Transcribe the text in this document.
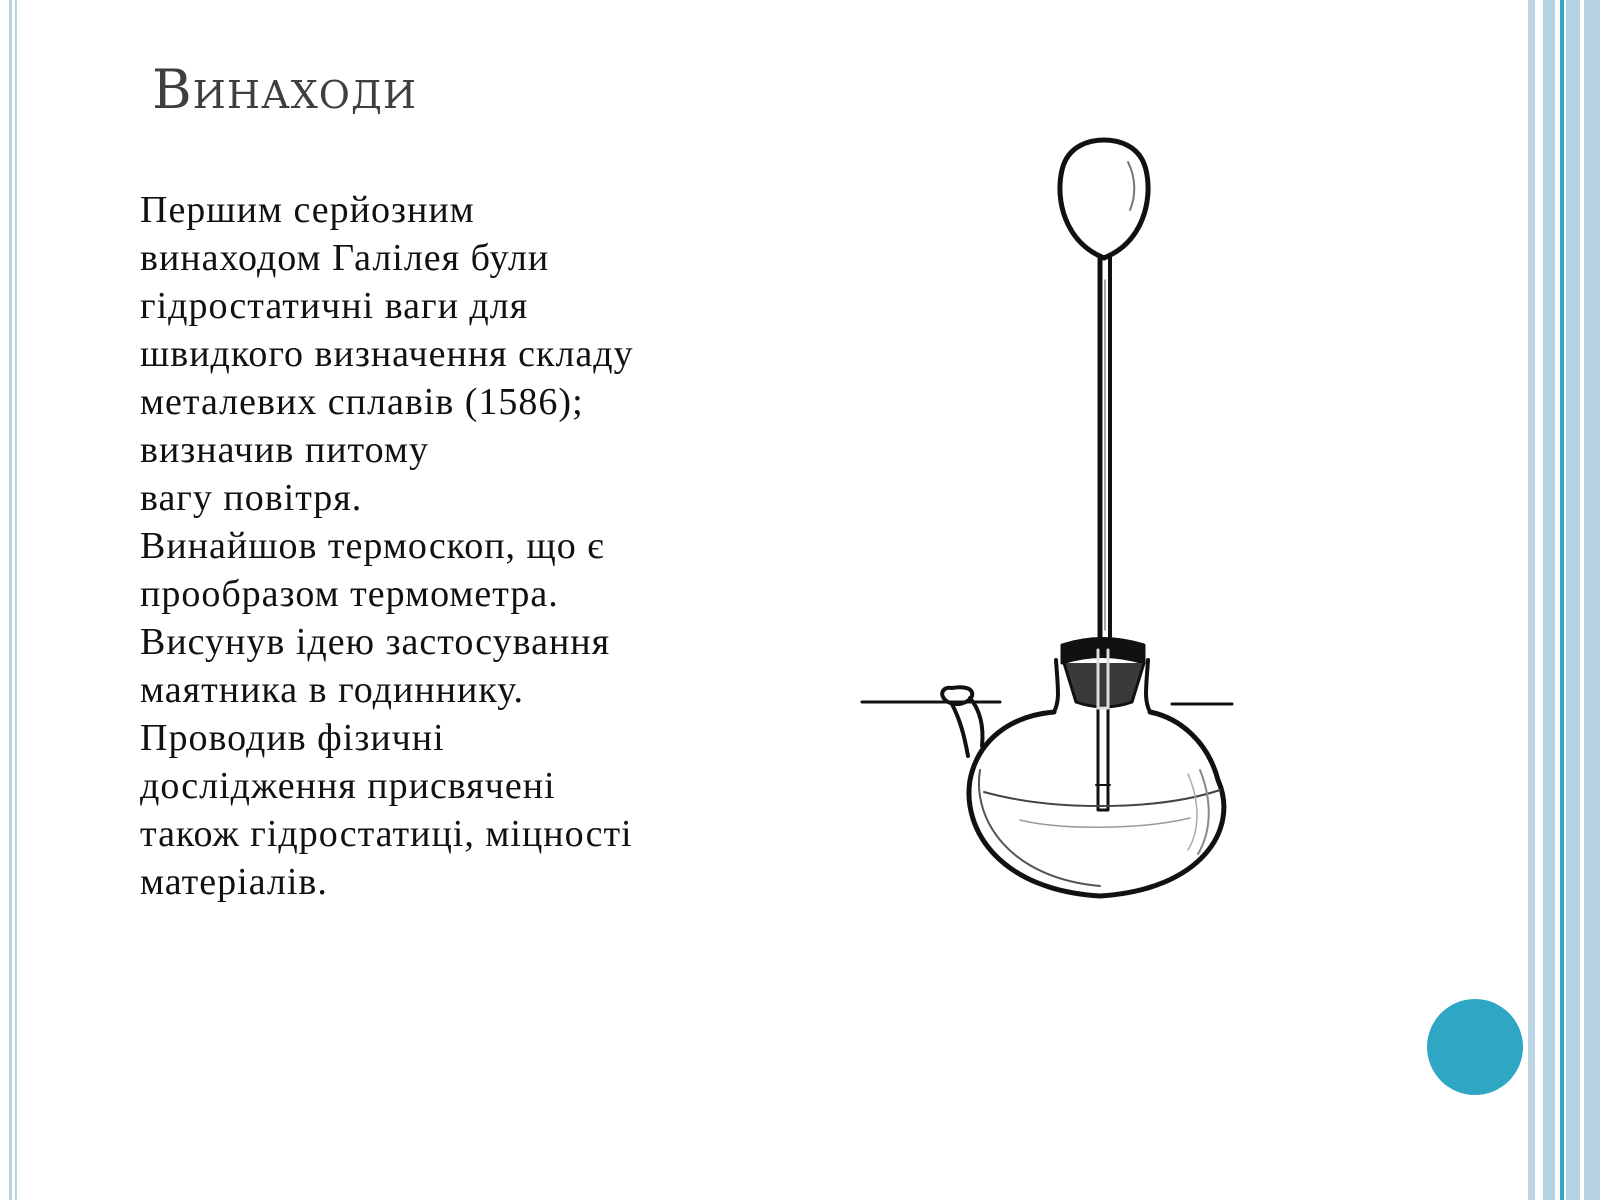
Винаходи
Першим серйозним
винаходом Галілея були
гідростатичні ваги для
швидкого визначення складу
металевих сплавів (1586);
визначив питому
вагу повітря.
Винайшов термоскоп, що є
прообразом термометра.
Висунув ідею застосування
маятника в годиннику.
Проводив фізичні
дослідження присвячені
також гідростатиці, міцності
матеріалів.
